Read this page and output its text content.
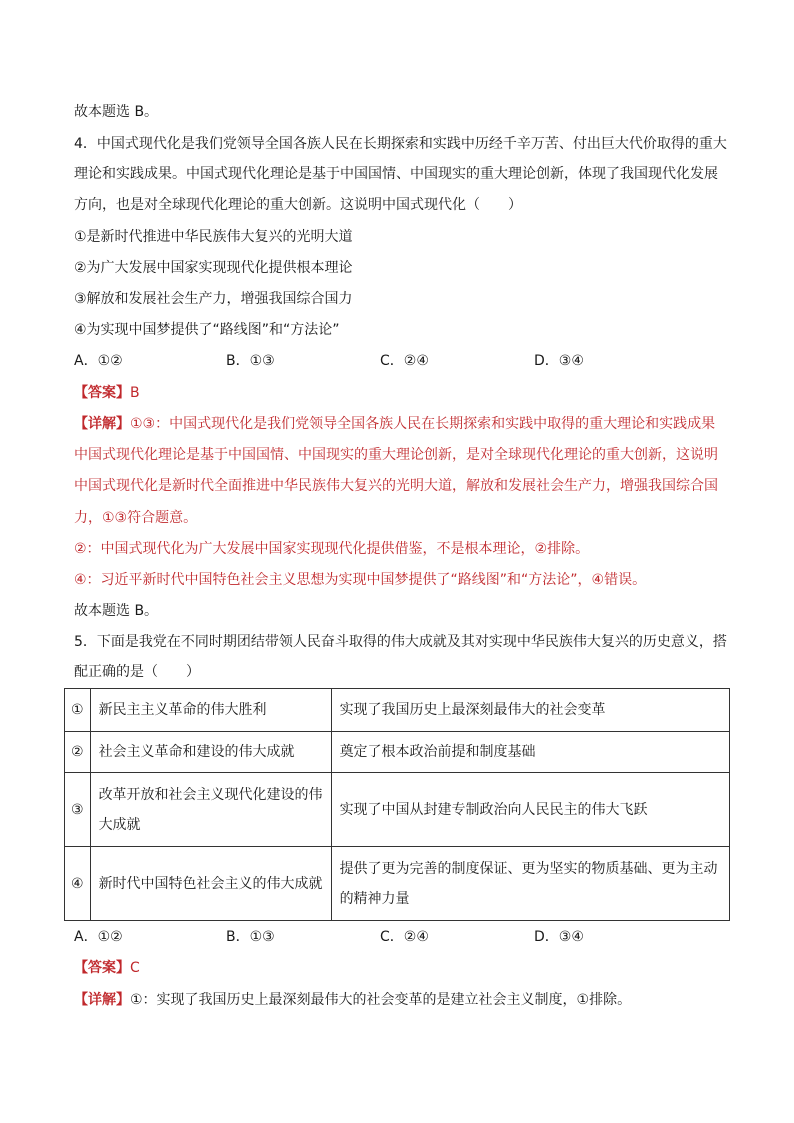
故本题选 B。
4．中国式现代化是我们党领导全国各族人民在长期探索和实践中历经千辛万苦、付出巨大代价取得的重大
理论和实践成果。中国式现代化理论是基于中国国情、中国现实的重大理论创新，体现了我国现代化发展
方向，也是对全球现代化理论的重大创新。这说明中国式现代化（　　）
①是新时代推进中华民族伟大复兴的光明大道
②为广大发展中国家实现现代化提供根本理论
③解放和发展社会生产力，增强我国综合国力
④为实现中国梦提供了“路线图”和“方法论”
A．①②	B．①③	C．②④	D．③④
【答案】B
【详解】①③：中国式现代化是我们党领导全国各族人民在长期探索和实践中取得的重大理论和实践成果
中国式现代化理论是基于中国国情、中国现实的重大理论创新，是对全球现代化理论的重大创新，这说明
中国式现代化是新时代全面推进中华民族伟大复兴的光明大道，解放和发展社会生产力，增强我国综合国
力，①③符合题意。
②：中国式现代化为广大发展中国家实现现代化提供借鉴，不是根本理论，②排除。
④：习近平新时代中国特色社会主义思想为实现中国梦提供了“路线图”和“方法论”，④错误。
故本题选 B。
5．下面是我党在不同时期团结带领人民奋斗取得的伟大成就及其对实现中华民族伟大复兴的历史意义，搭
配正确的是（　　）
①	新民主主义革命的伟大胜利	实现了我国历史上最深刻最伟大的社会变革
②	社会主义革命和建设的伟大成就	奠定了根本政治前提和制度基础
③	改革开放和社会主义现代化建设的伟
大成就	实现了中国从封建专制政治向人民民主的伟大飞跃
④	新时代中国特色社会主义的伟大成就	提供了更为完善的制度保证、更为坚实的物质基础、更为主动
的精神力量
A．①②	B．①③	C．②④	D．③④
【答案】C
【详解】①：实现了我国历史上最深刻最伟大的社会变革的是建立社会主义制度，①排除。
